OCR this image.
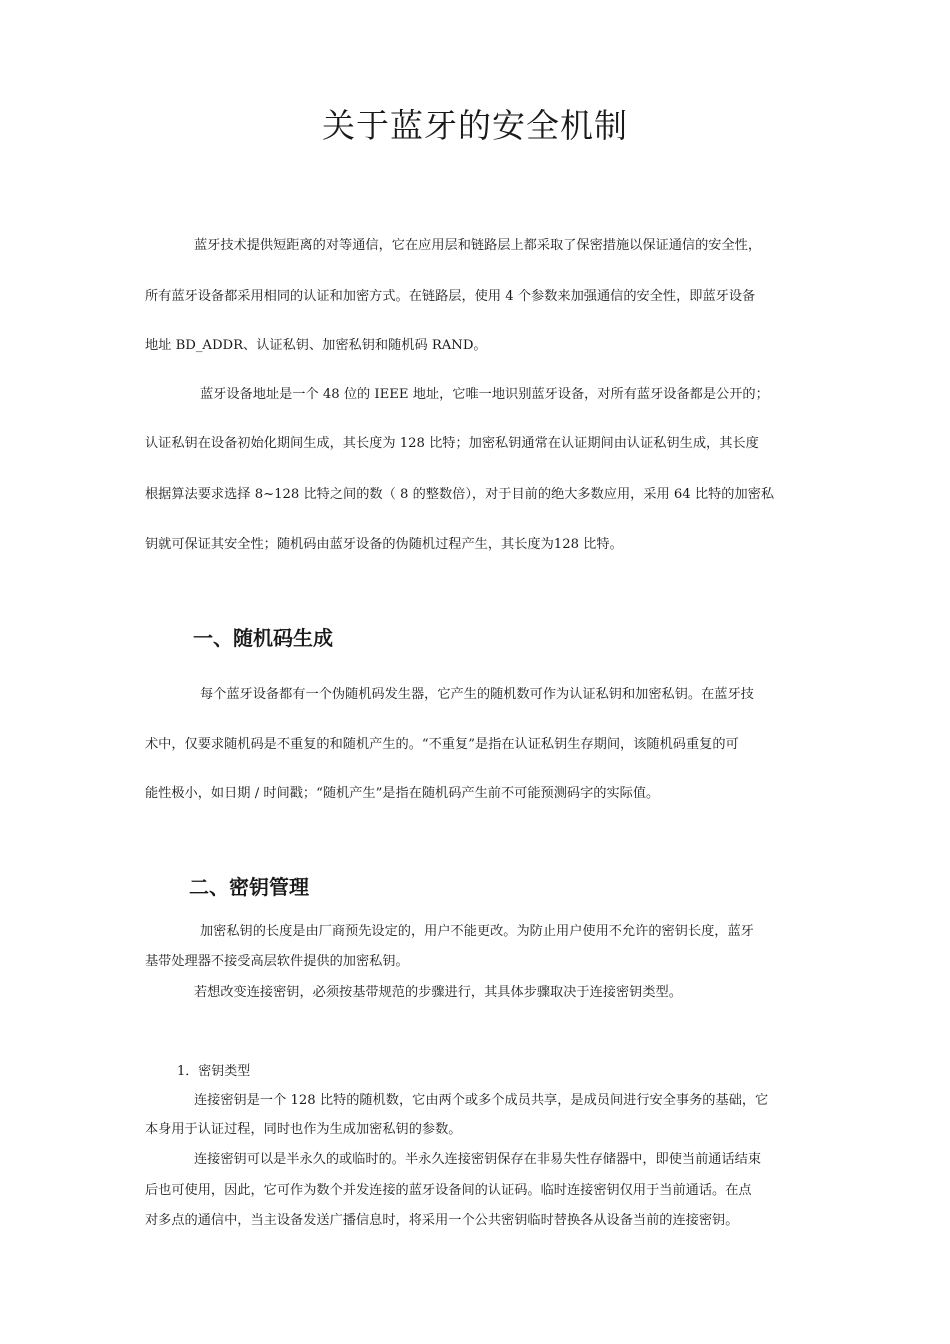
关于蓝牙的安全机制
蓝牙技术提供短距离的对等通信，它在应用层和链路层上都采取了保密措施以保证通信的安全性，
所有蓝牙设备都采用相同的认证和加密方式。在链路层，使用 4 个参数来加强通信的安全性，即蓝牙设备
地址 BD_ADDR、认证私钥、加密私钥和随机码 RAND。
蓝牙设备地址是一个 48 位的 IEEE 地址，它唯一地识别蓝牙设备，对所有蓝牙设备都是公开的；
认证私钥在设备初始化期间生成，其长度为 128 比特；加密私钥通常在认证期间由认证私钥生成，其长度
根据算法要求选择 8~128 比特之间的数（ 8 的整数倍），对于目前的绝大多数应用，采用 64 比特的加密私
钥就可保证其安全性；随机码由蓝牙设备的伪随机过程产生，其长度为128 比特。
一、随机码生成
每个蓝牙设备都有一个伪随机码发生器，它产生的随机数可作为认证私钥和加密私钥。在蓝牙技
术中，仅要求随机码是不重复的和随机产生的。“不重复”是指在认证私钥生存期间，该随机码重复的可
能性极小，如日期 / 时间戳；“随机产生”是指在随机码产生前不可能预测码字的实际值。
二、密钥管理
加密私钥的长度是由厂商预先设定的，用户不能更改。为防止用户使用不允许的密钥长度，蓝牙
基带处理器不接受高层软件提供的加密私钥。
若想改变连接密钥，必须按基带规范的步骤进行，其具体步骤取决于连接密钥类型。
1．密钥类型
连接密钥是一个 128 比特的随机数，它由两个或多个成员共享，是成员间进行安全事务的基础，它
本身用于认证过程，同时也作为生成加密私钥的参数。
连接密钥可以是半永久的或临时的。半永久连接密钥保存在非易失性存储器中，即使当前通话结束
后也可使用，因此，它可作为数个并发连接的蓝牙设备间的认证码。临时连接密钥仅用于当前通话。在点
对多点的通信中，当主设备发送广播信息时，将采用一个公共密钥临时替换各从设备当前的连接密钥。
